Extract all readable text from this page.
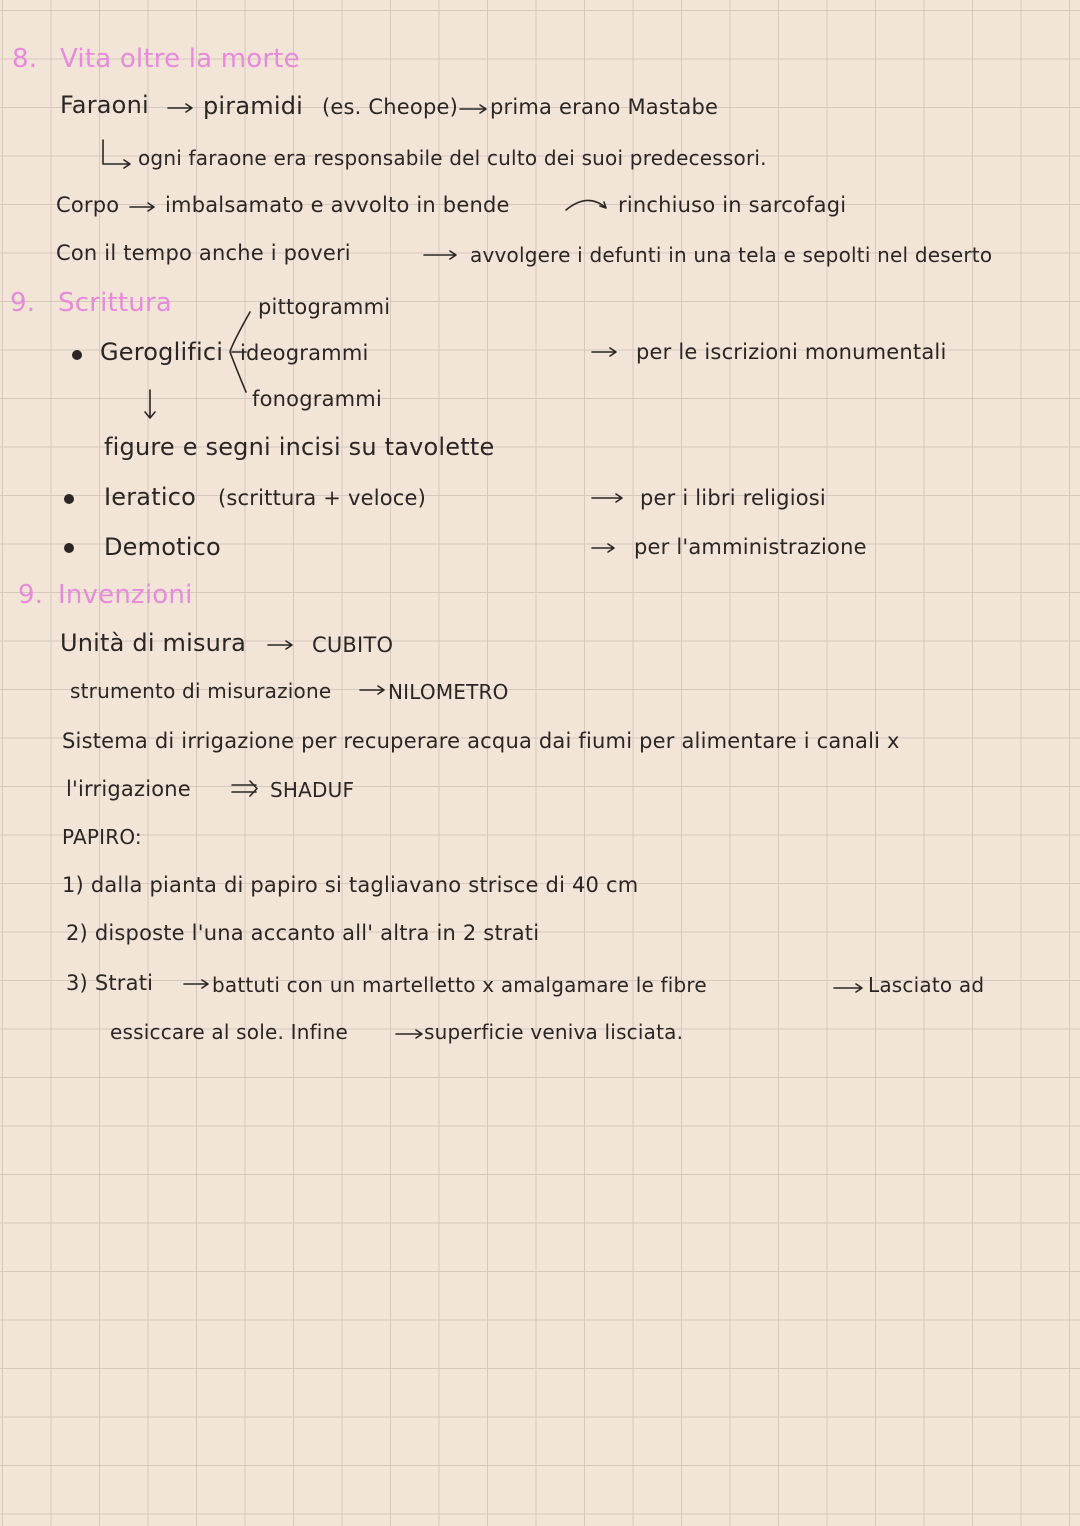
8. Vita oltre la morte
Faraoni piramidi (es. Cheope) prima erano Mastabe
ogni faraone era responsabile del culto dei suoi predecessori.
Corpo imbalsamato e avvolto in bende	rinchiuso in sarcofagi
Con il tempo anche i poveri	avvolgere i defunti in una tela e sepolti nel deserto
9. Scrittura	pittogrammi
Geroglifici ideogrammi	per le iscrizioni monumentali
fonogrammi
figure e segni incisi su tavolette
Ieratico (scrittura + veloce)	per i libri religiosi
Demotico	per l'amministrazione
9. Invenzioni
Unità di misura	CUBITO
strumento di misurazione	NILOMETRO
Sistema di irrigazione per recuperare acqua dai fiumi per alimentare i canali x
l'irrigazione	SHADUF
PAPIRO:
1) dalla pianta di papiro si tagliavano strisce di 40 cm
2) disposte l'una accanto all' altra in 2 strati
3) Strati	battuti con un martelletto x amalgamare le fibre	Lasciato ad
essiccare al sole. Infine	superficie veniva lisciata.
